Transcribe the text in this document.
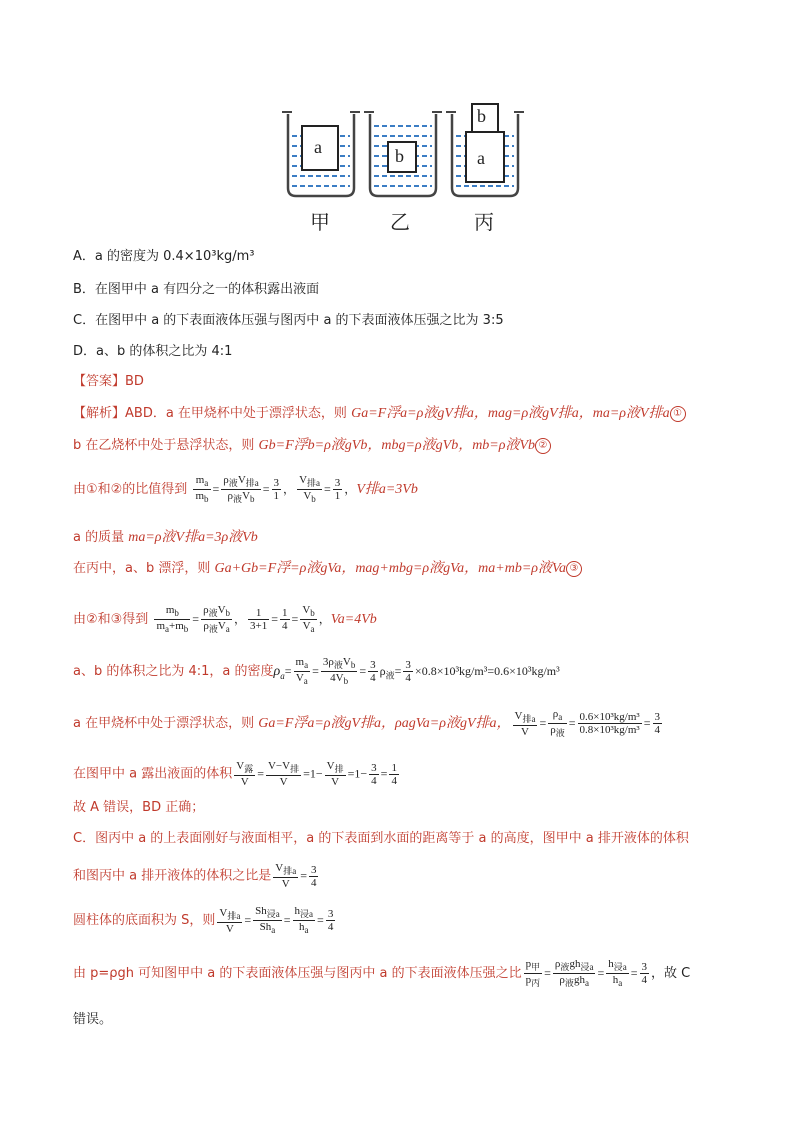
a	b	a
b
甲	乙	丙
A．a 的密度为 0.4×10³kg/m³
B．在图甲中 a 有四分之一的体积露出液面
C．在图甲中 a 的下表面液体压强与图丙中 a 的下表面液体压强之比为 3:5
D．a、b 的体积之比为 4:1
【答案】BD
【解析】ABD．a 在甲烧杯中处于漂浮状态，则 Ga=F浮a=ρ液gV排a，mag=ρ液gV排a，ma=ρ液V排a ①
b 在乙烧杯中处于悬浮状态，则 Gb=F浮b=ρ液gVb，mbg=ρ液gVb，mb=ρ液Vb ②
由①和②的比值得到 $\frac{m_a}{m_b} = \frac{\rho_液V_{排a}}{\rho_液V_b} = \frac{3}{1}$ ， $\frac{V_{排a}}{V_b} = \frac{3}{1}$ ，V排a=3Vb
a 的质量 ma=ρ液V排a=3ρ液Vb
在丙中，a、b 漂浮，则 Ga+Gb=F浮=ρ液gVa，mag+mbg=ρ液gVa，ma+mb=ρ液Va ③
由②和③得到 $\frac{m_b}{m_a+m_b} = \frac{\rho_液V_b}{\rho_液V_a}$ ， $\frac{1}{3+1} = \frac{1}{4} = \frac{V_b}{V_a}$ ，Va=4Vb
a、b 的体积之比为 4:1，a 的密度$\rho_a= \frac{m_a}{V_a} = \frac{3\rho_液V_b}{4V_b} = \frac{3}{4} \rho_液= \frac{3}{4} \times 0.8\times 10^3kg/m^3=0.6\times 10^3kg/m^3$
a 在甲烧杯中处于漂浮状态，则 Ga=F浮a=ρ液gV排a，ρagVa=ρ液gV排a， $\frac{V_{排a}}{V} = \frac{\rho_a}{\rho_液} = \frac{\text{0.6×10³kg/m³}}{\text{0.8×10³kg/m³}} = \frac{3}{4}$
在图甲中 a 露出液面的体积 $\frac{V_露}{V} = \frac{V-V_排}{V} =1- \frac{V_排}{V} =1- \frac{3}{4} = \frac{1}{4}$
故 A 错误，BD 正确；
C．图丙中 a 的上表面刚好与液面相平，a 的下表面到水面的距离等于 a 的高度，图甲中 a 排开液体的体积
和图丙中 a 排开液体的体积之比是 $\frac{V_{排a}}{V} = \frac{3}{4}$
圆柱体的底面积为 S，则 $\frac{V_{排a}}{V} = \frac{Sh_{浸a}}{Sh_a} = \frac{h_{浸a}}{h_a} = \frac{3}{4}$
由 p=ρgh 可知图甲中 a 的下表面液体压强与图丙中 a 的下表面液体压强之比 $\frac{p_甲}{p_丙} = \frac{\rho_液gh_{浸a}}{\rho_液gh_a} = \frac{h_{浸a}}{h_a} = \frac{3}{4}$ ，故 C
错误。
